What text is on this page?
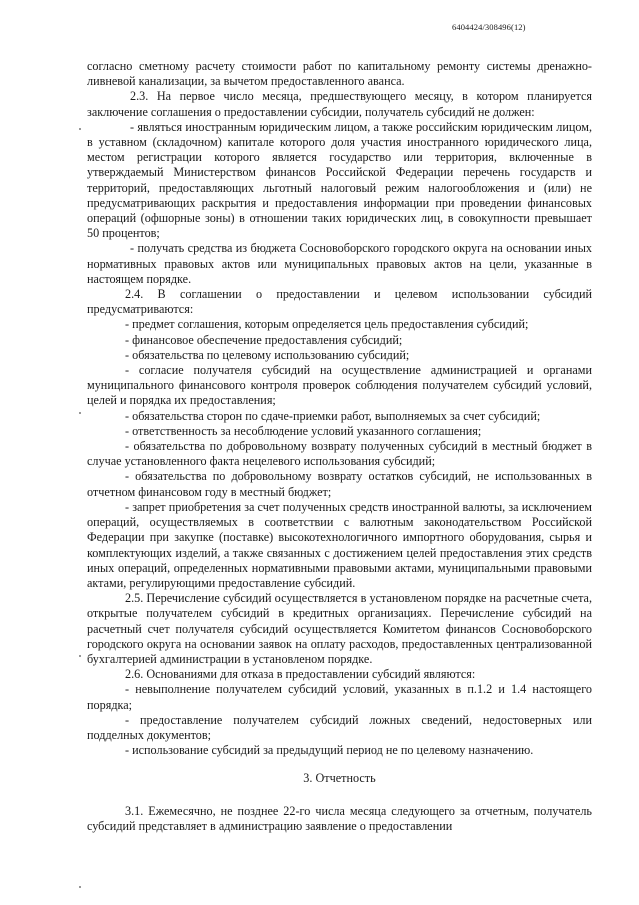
6404424/308496(12)

согласно сметному расчету стоимости работ по капитальному ремонту системы дренажно-ливневой канализации, за вычетом предоставленного аванса.

2.3. На первое число месяца, предшествующего месяцу, в котором планируется заключение соглашения о предоставлении субсидии, получатель субсидий не должен:

- являться иностранным юридическим лицом, а также российским юридическим лицом, в уставном (складочном) капитале которого доля участия иностранного юридического лица, местом регистрации которого является государство или территория, включенные в утверждаемый Министерством финансов Российской Федерации перечень государств и территорий, предоставляющих льготный налоговый режим налогообложения и (или) не предусматривающих раскрытия и предоставления информации при проведении финансовых операций (офшорные зоны) в отношении таких юридических лиц, в совокупности превышает 50 процентов;

- получать средства из бюджета Сосновоборского городского округа на основании иных нормативных правовых актов или муниципальных правовых актов на цели, указанные в настоящем порядке.

2.4. В соглашении о предоставлении и целевом использовании субсидий предусматриваются:

- предмет соглашения, которым определяется цель предоставления субсидий;

- финансовое обеспечение предоставления субсидий;

- обязательства по целевому использованию субсидий;

- согласие получателя субсидий на осуществление администрацией и органами муниципального финансового контроля проверок соблюдения получателем субсидий условий, целей и порядка их предоставления;

- обязательства сторон по сдаче-приемки работ, выполняемых за счет субсидий;

- ответственность за несоблюдение условий указанного соглашения;

- обязательства по добровольному возврату полученных субсидий в местный бюджет в случае установленного факта нецелевого использования субсидий;

- обязательства по добровольному возврату остатков субсидий, не использованных в отчетном финансовом году в местный бюджет;

- запрет приобретения за счет полученных средств иностранной валюты, за исключением операций, осуществляемых в соответствии с валютным законодательством Российской Федерации при закупке (поставке) высокотехнологичного импортного оборудования, сырья и комплектующих изделий, а также связанных с достижением целей предоставления этих средств иных операций, определенных нормативными правовыми актами, муниципальными правовыми актами, регулирующими предоставление субсидий.

2.5. Перечисление субсидий осуществляется в установленом порядке на расчетные счета, открытые получателем субсидий в кредитных организациях. Перечисление субсидий на расчетный счет получателя субсидий осуществляется Комитетом финансов Сосновоборского городского округа на основании заявок на оплату расходов, предоставленных централизованной бухгалтерией администрации в установленом порядке.

2.6. Основаниями для отказа в предоставлении субсидий являются:

- невыполнение получателем субсидий условий, указанных в п.1.2 и 1.4 настоящего порядка;

- предоставление получателем субсидий ложных сведений, недостоверных или подделных документов;

- использование субсидий за предыдущий период не по целевому назначению.

3. Отчетность

3.1. Ежемесячно, не позднее 22-го числа месяца следующего за отчетным, получатель субсидий представляет в администрацию заявление о предоставлении
